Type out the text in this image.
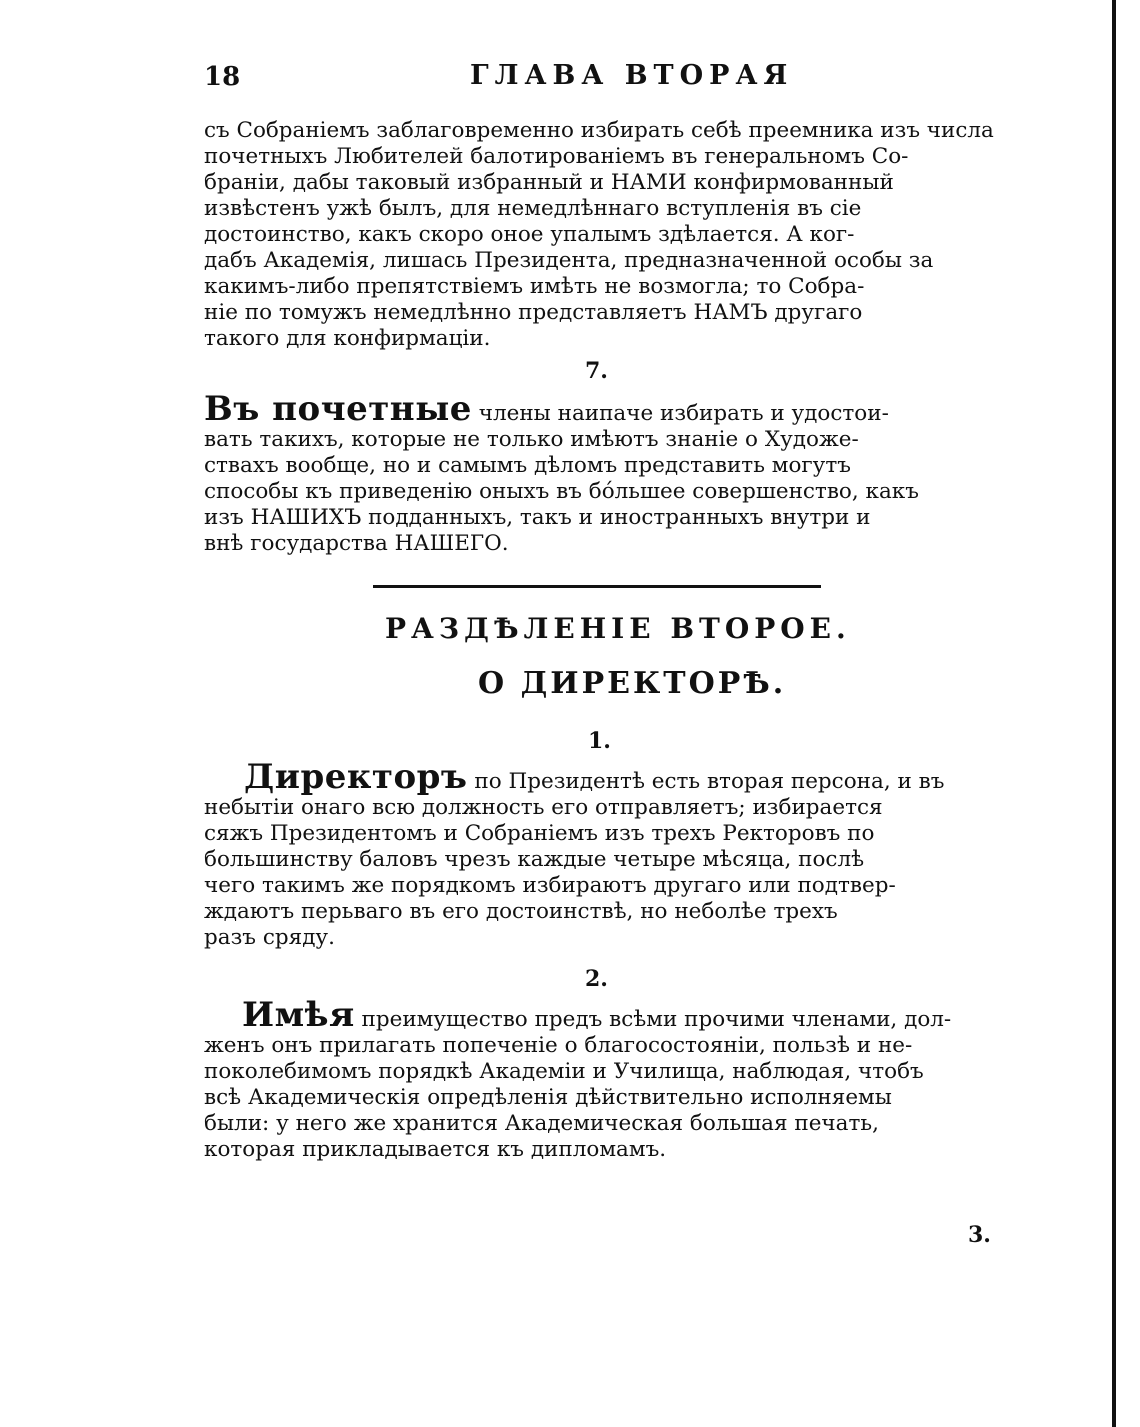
18	ГЛАВА ВТОРАЯ

съ Собраніемъ заблаговременно избирать себѣ преемника изъ числа
почетныхъ Любителей балотированіемъ въ генеральномъ Со-
браніи, дабы таковый избранный и НАМИ конфирмованный
извѣстенъ ужѣ былъ, для немедлѣннаго вступленія въ сіе
достоинство, какъ скоро оное упалымъ здѣлается. А ког-
дабъ Академія, лишась Президента, предназначенной особы за
какимъ-либо препятствіемъ имѣть не возмогла; то Собра-
ніе по томужъ немедлѣнно представляетъ НАМЪ другаго
такого для конфирмаціи.

7.

Въ почетные члены наипаче избирать и удостои-
вать такихъ, которые не только имѣютъ знаніе о Художе-
ствахъ вообще, но и самымъ дѣломъ представить могутъ
способы къ приведенію оныхъ въ бóльшее совершенство, какъ
изъ НАШИХЪ подданныхъ, такъ и иностранныхъ внутри и
внѣ государства НАШЕГО.

РАЗДѢЛЕНІЕ ВТОРОЕ.
О ДИРЕКТОРѢ.
1.

Директоръ по Президентѣ есть вторая персона, и въ
небытіи онаго всю должность его отправляетъ; избирается
сяжъ Президентомъ и Собраніемъ изъ трехъ Ректоровъ по
большинству баловъ чрезъ каждые четыре мѣсяца, послѣ
чего такимъ же порядкомъ избираютъ другаго или подтвер-
ждаютъ перьваго въ его достоинствѣ, но неболѣе трехъ
разъ сряду.

2.

Имѣя преимущество предъ всѣми прочими членами, дол-
женъ онъ прилагать попеченіе о благосостояніи, пользѣ и не-
поколебимомъ порядкѣ Академіи и Училища, наблюдая, чтобъ
всѣ Академическія опредѣленія дѣйствительно исполняемы
были: у него же хранится Академическая большая печать,
которая прикладывается къ дипломамъ.

3.
